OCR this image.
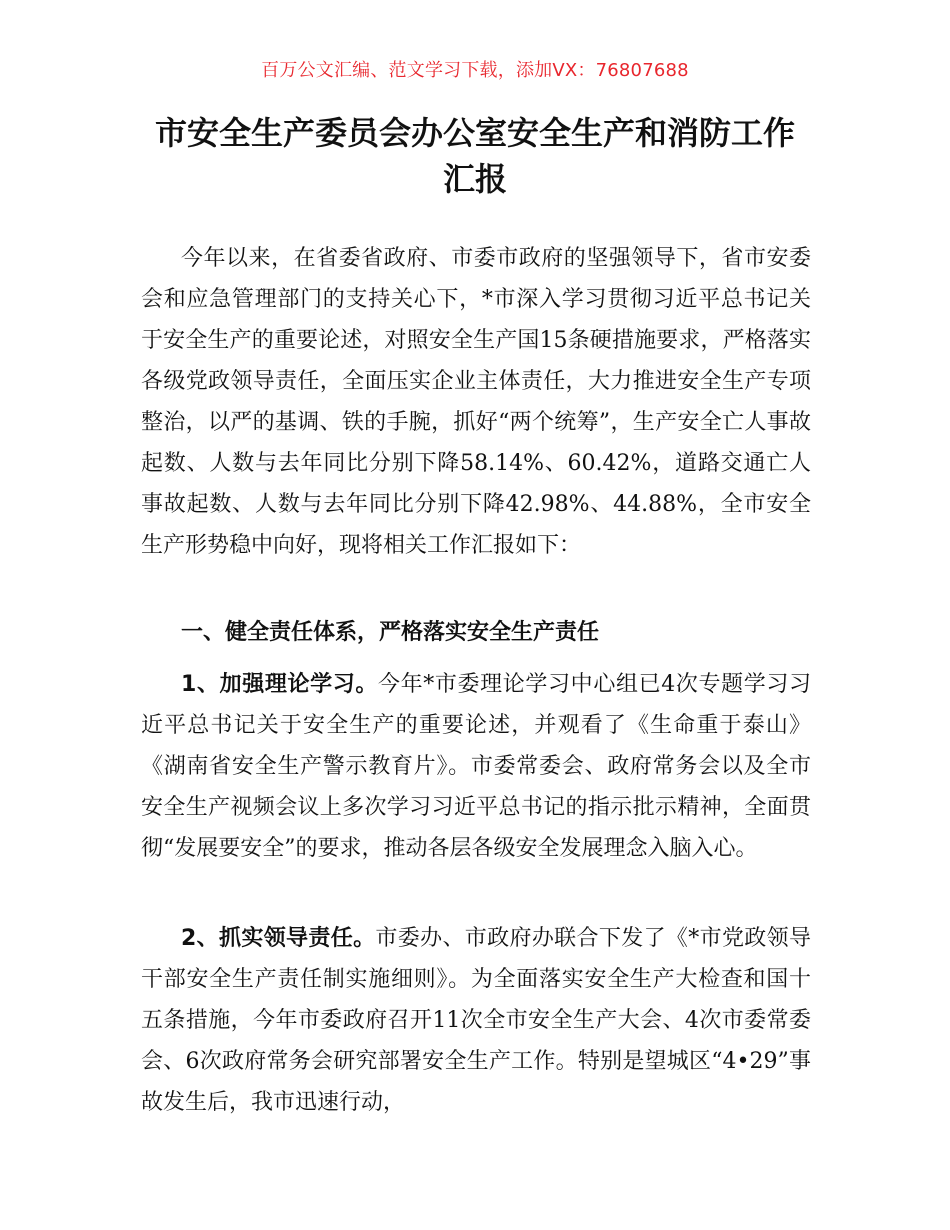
百万公文汇编、范文学习下载，添加VX：76807688
市安全生产委员会办公室安全生产和消防工作汇报
今年以来，在省委省政府、市委市政府的坚强领导下，省市安委会和应急管理部门的支持关心下，*市深入学习贯彻习近平总书记关于安全生产的重要论述，对照安全生产国15条硬措施要求，严格落实各级党政领导责任，全面压实企业主体责任，大力推进安全生产专项整治，以严的基调、铁的手腕，抓好“两个统筹”，生产安全亡人事故起数、人数与去年同比分别下降58.14%、60.42%，道路交通亡人事故起数、人数与去年同比分别下降42.98%、44.88%，全市安全生产形势稳中向好，现将相关工作汇报如下：
一、健全责任体系，严格落实安全生产责任
1、加强理论学习。今年*市委理论学习中心组已4次专题学习习近平总书记关于安全生产的重要论述，并观看了《生命重于泰山》《湖南省安全生产警示教育片》。市委常委会、政府常务会以及全市安全生产视频会议上多次学习习近平总书记的指示批示精神，全面贯彻“发展要安全”的要求，推动各层各级安全发展理念入脑入心。
2、抓实领导责任。市委办、市政府办联合下发了《*市党政领导干部安全生产责任制实施细则》。为全面落实安全生产大检查和国十五条措施，今年市委政府召开11次全市安全生产大会、4次市委常委会、6次政府常务会研究部署安全生产工作。特别是望城区“4•29”事故发生后，我市迅速行动，
